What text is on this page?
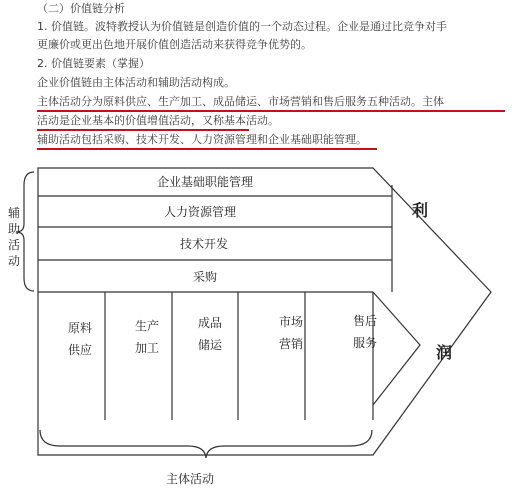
（二）价值链分析
1. 价值链。波特教授认为价值链是创造价值的一个动态过程。企业是通过比竞争对手
更廉价或更出色地开展价值创造活动来获得竞争优势的。
2. 价值链要素（掌握）
企业价值链由主体活动和辅助活动构成。
主体活动分为原料供应、生产加工、成品储运、市场营销和售后服务五种活动。主体
活动是企业基本的价值增值活动，又称基本活动。
辅助活动包括采购、技术开发、人力资源管理和企业基础职能管理。
企业基础职能管理
人力资源管理
技术开发
采购
辅
助
活
动
原料
供应
生产
加工
成品
储运
市场
营销
售后
服务
主体活动
利
润
